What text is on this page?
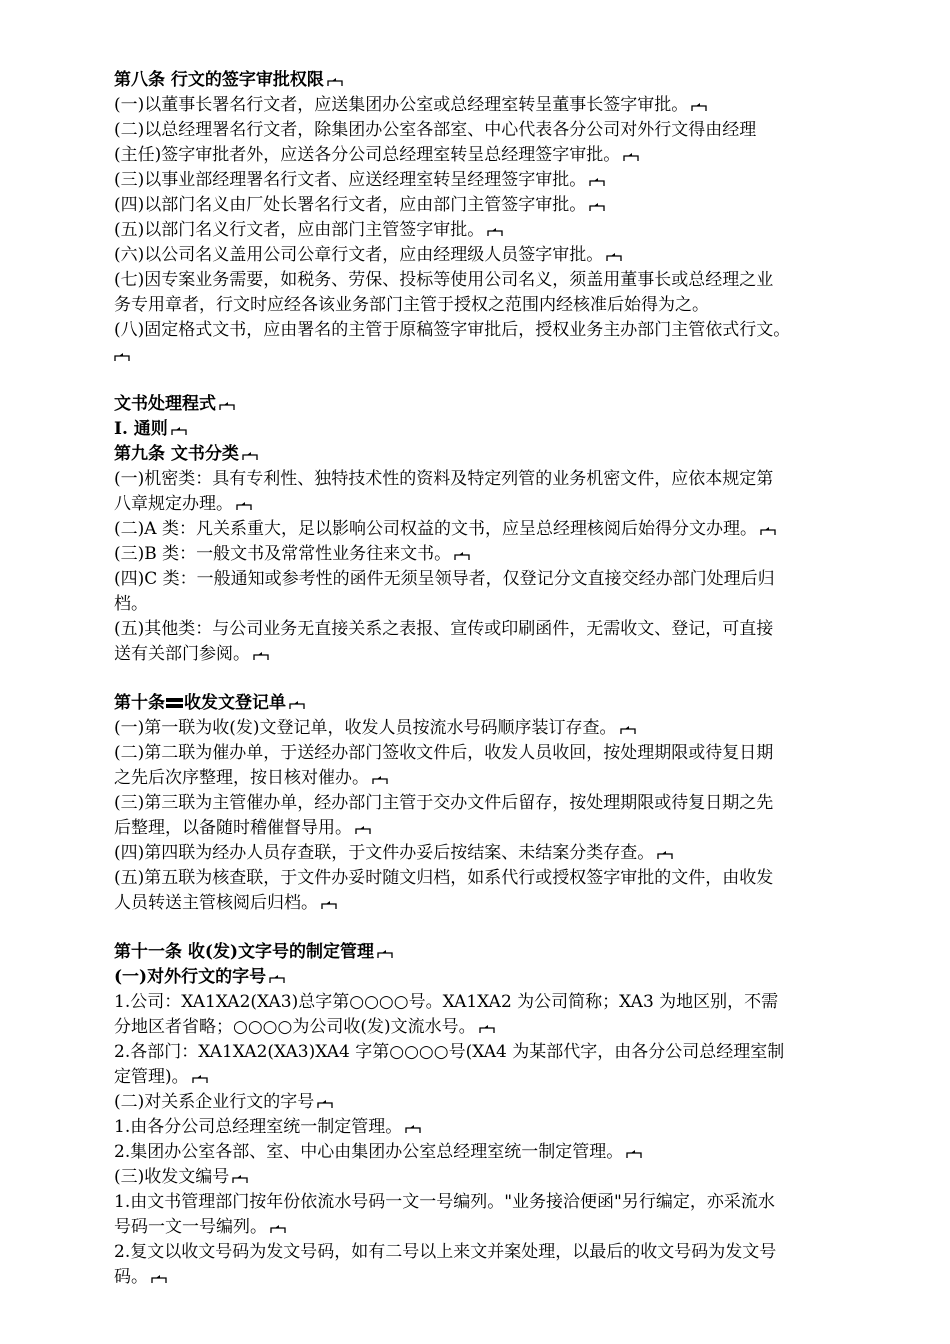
第八条 行文的签字审批权限
(一)以董事长署名行文者，应送集团办公室或总经理室转呈董事长签字审批。
(二)以总经理署名行文者，除集团办公室各部室、中心代表各分公司对外行文得由经理
(主任)签字审批者外，应送各分公司总经理室转呈总经理签字审批。
(三)以事业部经理署名行文者、应送经理室转呈经理签字审批。
(四)以部门名义由厂处长署名行文者，应由部门主管签字审批。
(五)以部门名义行文者，应由部门主管签字审批。
(六)以公司名义盖用公司公章行文者，应由经理级人员签字审批。
(七)因专案业务需要，如税务、劳保、投标等使用公司名义，须盖用董事长或总经理之业
务专用章者，行文时应经各该业务部门主管于授权之范围内经核准后始得为之。
(八)固定格式文书，应由署名的主管于原稿签字审批后，授权业务主办部门主管依式行文。
文书处理程式
Ⅰ. 通则
第九条 文书分类
(一)机密类：具有专利性、独特技术性的资料及特定列管的业务机密文件，应依本规定第
八章规定办理。
(二)A 类：凡关系重大，足以影响公司权益的文书，应呈总经理核阅后始得分文办理。
(三)B 类：一般文书及常常性业务往来文书。
(四)C 类：一般通知或参考性的函件无须呈领导者，仅登记分文直接交经办部门处理后归
档。
(五)其他类：与公司业务无直接关系之表报、宣传或印刷函件，无需收文、登记，可直接
送有关部门参阅。
第十条 收发文登记单
(一)第一联为收(发)文登记单，收发人员按流水号码顺序装订存查。
(二)第二联为催办单，于送经办部门签收文件后，收发人员收回，按处理期限或待复日期
之先后次序整理，按日核对催办。
(三)第三联为主管催办单，经办部门主管于交办文件后留存，按处理期限或待复日期之先
后整理，以备随时稽催督导用。
(四)第四联为经办人员存查联，于文件办妥后按结案、未结案分类存查。
(五)第五联为核查联，于文件办妥时随文归档，如系代行或授权签字审批的文件，由收发
人员转送主管核阅后归档。
第十一条 收(发)文字号的制定管理
(一)对外行文的字号
1.公司：XA1XA2(XA3)总字第○○○○号。XA1XA2 为公司简称；XA3 为地区别，不需
分地区者省略；○○○○为公司收(发)文流水号。
2.各部门：XA1XA2(XA3)XA4 字第○○○○号(XA4 为某部代字，由各分公司总经理室制
定管理)。
(二)对关系企业行文的字号
1.由各分公司总经理室统一制定管理。
2.集团办公室各部、室、中心由集团办公室总经理室统一制定管理。
(三)收发文编号
1.由文书管理部门按年份依流水号码一文一号编列。"业务接洽便函"另行编定，亦采流水
号码一文一号编列。
2.复文以收文号码为发文号码，如有二号以上来文并案处理，以最后的收文号码为发文号
码。
